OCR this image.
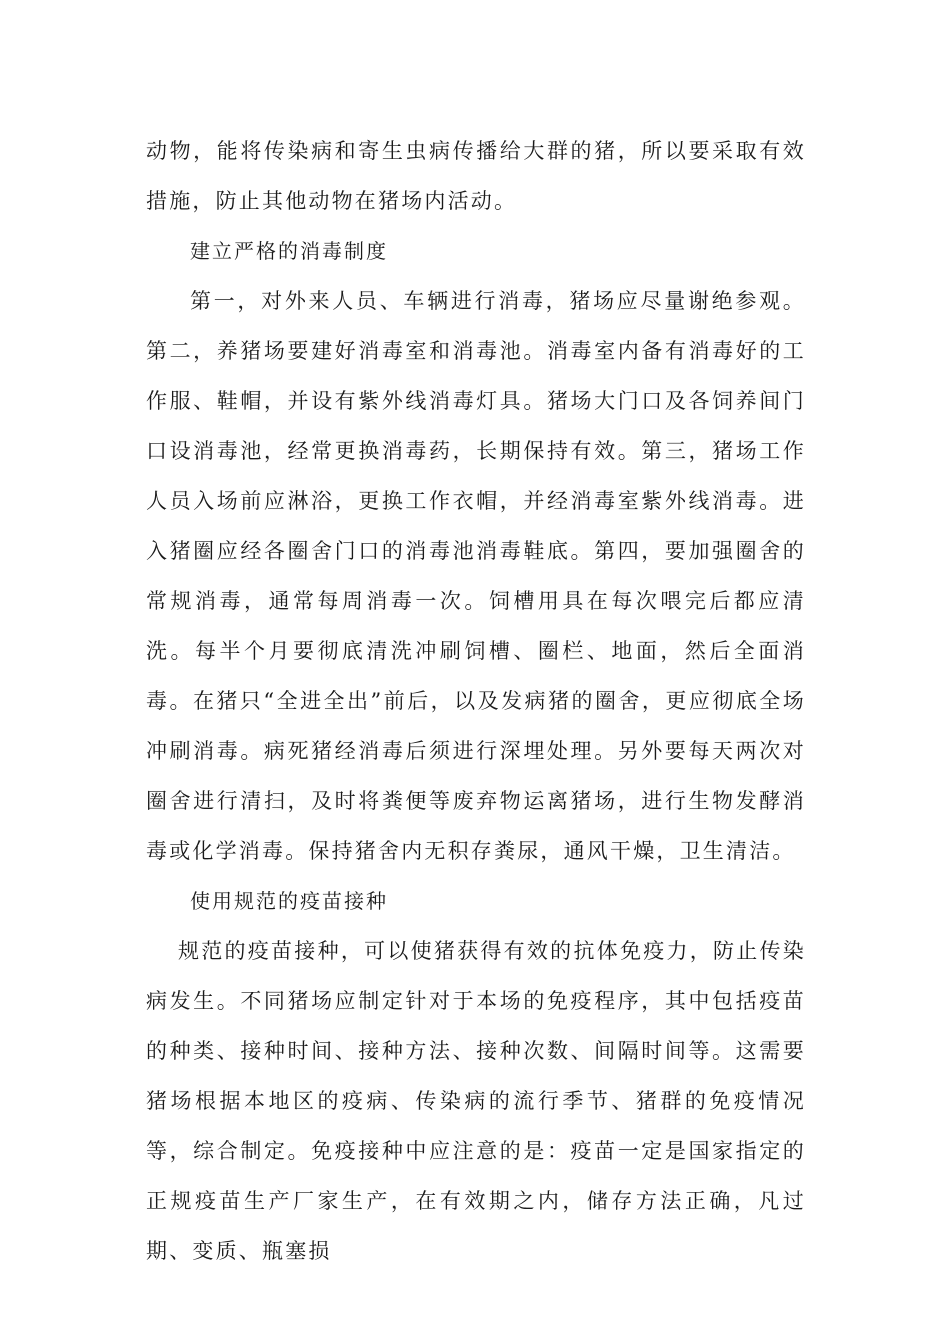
动物，能将传染病和寄生虫病传播给大群的猪，所以要采取有效措施，防止其他动物在猪场内活动。

建立严格的消毒制度

第一，对外来人员、车辆进行消毒，猪场应尽量谢绝参观。第二，养猪场要建好消毒室和消毒池。消毒室内备有消毒好的工作服、鞋帽，并设有紫外线消毒灯具。猪场大门口及各饲养间门口设消毒池，经常更换消毒药，长期保持有效。第三，猪场工作人员入场前应淋浴，更换工作衣帽，并经消毒室紫外线消毒。进入猪圈应经各圈舍门口的消毒池消毒鞋底。第四，要加强圈舍的常规消毒，通常每周消毒一次。饲槽用具在每次喂完后都应清洗。每半个月要彻底清洗冲刷饲槽、圈栏、地面，然后全面消毒。在猪只“全进全出”前后，以及发病猪的圈舍，更应彻底全场冲刷消毒。病死猪经消毒后须进行深埋处理。另外要每天两次对圈舍进行清扫，及时将粪便等废弃物运离猪场，进行生物发酵消毒或化学消毒。保持猪舍内无积存粪尿，通风干燥，卫生清洁。

使用规范的疫苗接种

规范的疫苗接种，可以使猪获得有效的抗体免疫力，防止传染病发生。不同猪场应制定针对于本场的免疫程序，其中包括疫苗的种类、接种时间、接种方法、接种次数、间隔时间等。这需要猪场根据本地区的疫病、传染病的流行季节、猪群的免疫情况等，综合制定。免疫接种中应注意的是：疫苗一定是国家指定的正规疫苗生产厂家生产，在有效期之内，储存方法正确，凡过期、变质、瓶塞损
